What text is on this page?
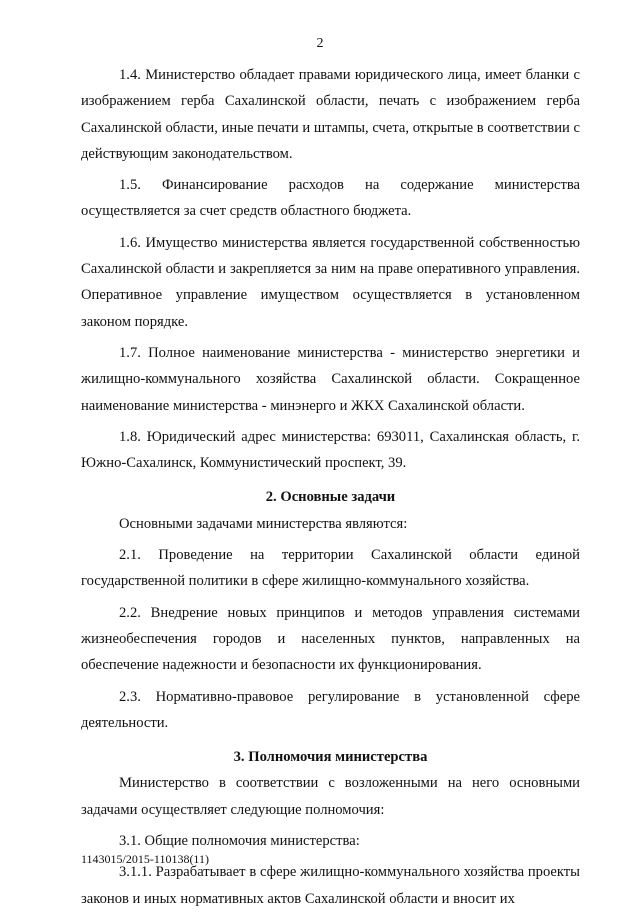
2

1.4. Министерство обладает правами юридического лица, имеет бланки с изображением герба Сахалинской области, печать с изображением герба Сахалинской области, иные печати и штампы, счета, открытые в соответствии с действующим законодательством.

1.5. Финансирование расходов на содержание министерства осуществляется за счет средств областного бюджета.

1.6. Имущество министерства является государственной собственностью Сахалинской области и закрепляется за ним на праве оперативного управления. Оперативное управление имуществом осуществляется в установленном законом порядке.

1.7. Полное наименование министерства - министерство энергетики и жилищно-коммунального хозяйства Сахалинской области. Сокращенное наименование министерства - минэнерго и ЖКХ Сахалинской области.

1.8. Юридический адрес министерства: 693011, Сахалинская область, г. Южно-Сахалинск, Коммунистический проспект, 39.

2. Основные задачи

Основными задачами министерства являются:

2.1. Проведение на территории Сахалинской области единой государственной политики в сфере жилищно-коммунального хозяйства.

2.2. Внедрение новых принципов и методов управления системами жизнеобеспечения городов и населенных пунктов, направленных на обеспечение надежности и безопасности их функционирования.

2.3. Нормативно-правовое регулирование в установленной сфере деятельности.

3. Полномочия министерства

Министерство в соответствии с возложенными на него основными задачами осуществляет следующие полномочия:

3.1. Общие полномочия министерства:

3.1.1. Разрабатывает в сфере жилищно-коммунального хозяйства проекты законов и иных нормативных актов Сахалинской области и вносит их

1143015/2015-110138(11)
